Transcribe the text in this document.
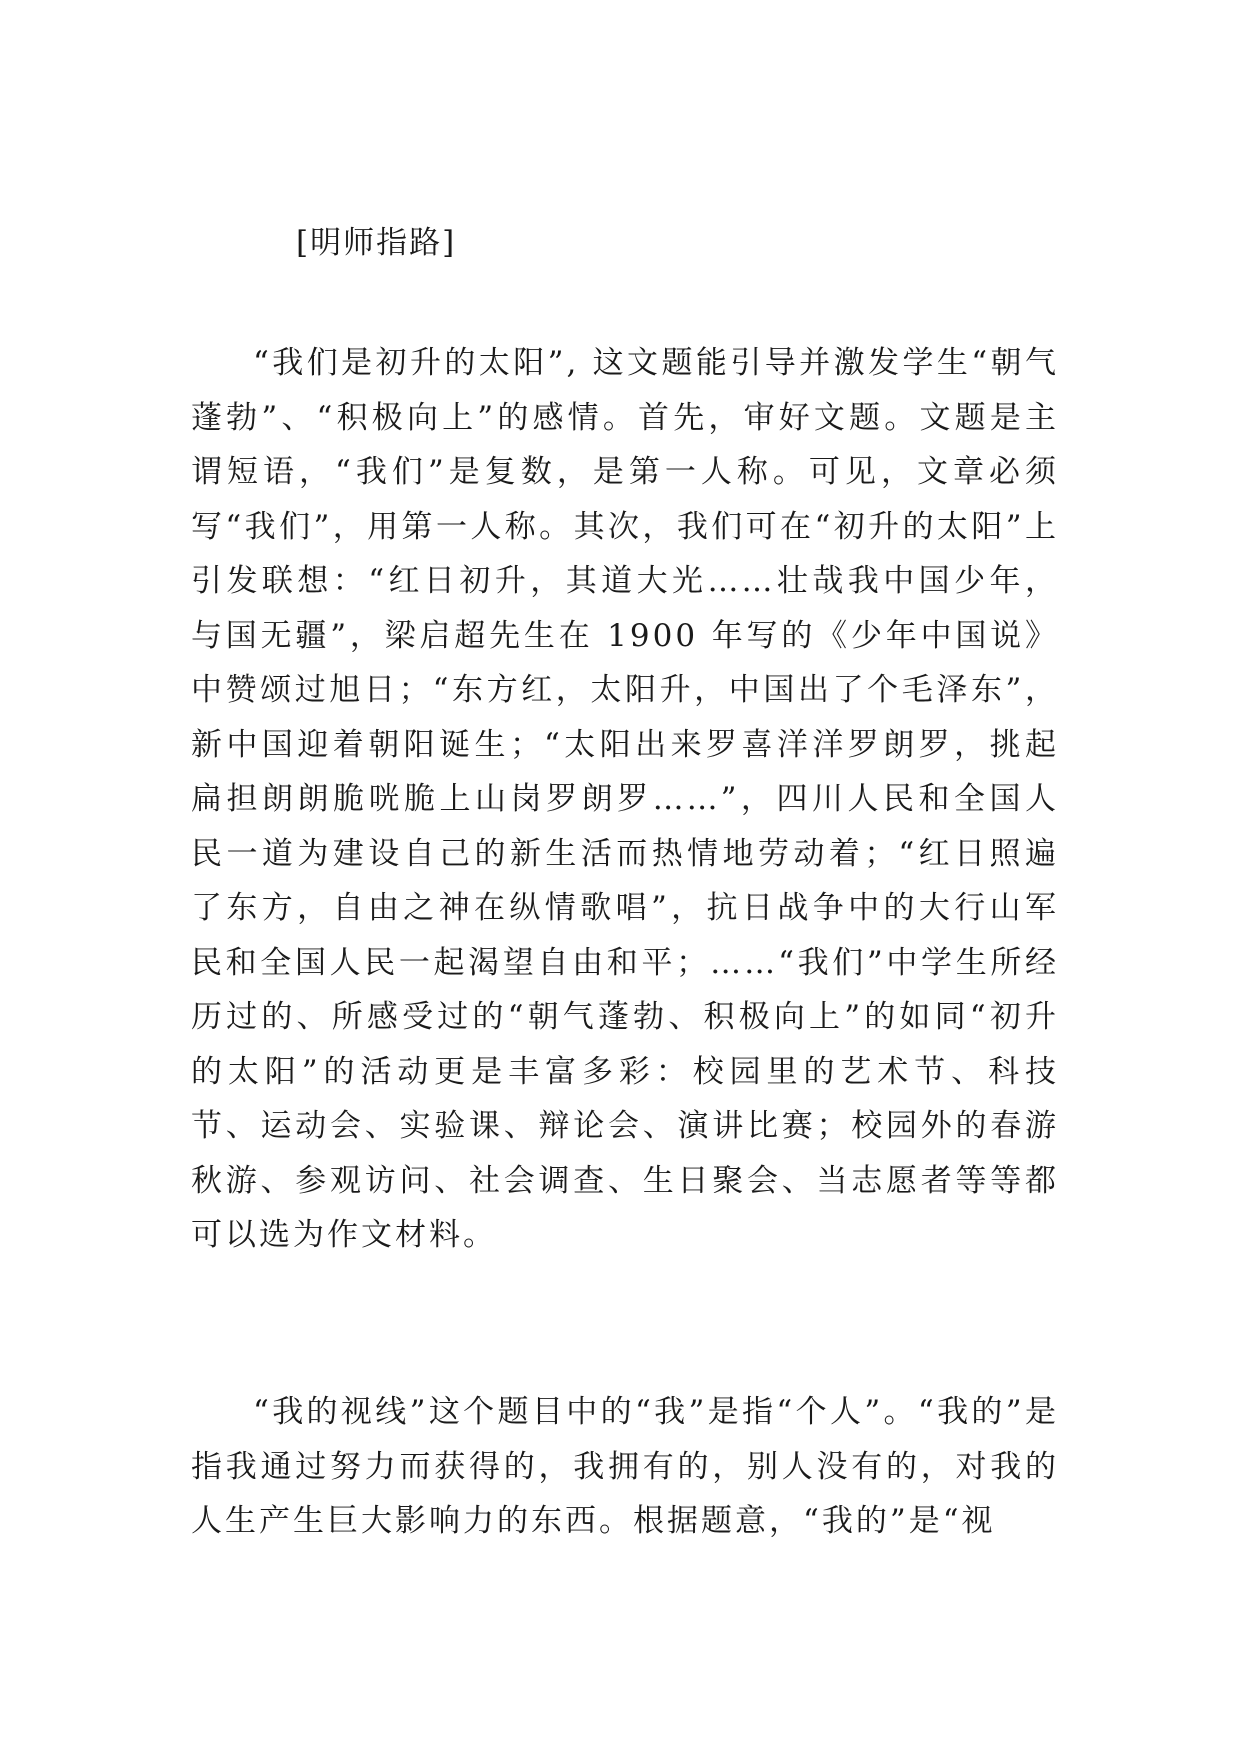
[明师指路]

“我们是初升的太阳”, 这文题能引导并激发学生“朝气蓬勃”、“积极向上”的感情。首先，审好文题。文题是主谓短语，“我们”是复数，是第一人称。可见，文章必须写“我们”，用第一人称。其次，我们可在“初升的太阳”上引发联想：“红日初升，其道大光……壮哉我中国少年，与国无疆”，梁启超先生在 1900 年写的《少年中国说》中赞颂过旭日；“东方红，太阳升，中国出了个毛泽东”，新中国迎着朝阳诞生；“太阳出来罗喜洋洋罗朗罗，挑起扁担朗朗脆咣脆上山岗罗朗罗……”，四川人民和全国人民一道为建设自己的新生活而热情地劳动着；“红日照遍了东方，自由之神在纵情歌唱”，抗日战争中的大行山军民和全国人民一起渴望自由和平；……“我们”中学生所经历过的、所感受过的“朝气蓬勃、积极向上”的如同“初升的太阳”的活动更是丰富多彩：校园里的艺术节、科技节、运动会、实验课、辩论会、演讲比赛；校园外的春游秋游、参观访问、社会调查、生日聚会、当志愿者等等都可以选为作文材料。

“我的视线”这个题目中的“我”是指“个人”。“我的”是指我通过努力而获得的，我拥有的，别人没有的，对我的人生产生巨大影响力的东西。根据题意，“我的”是“视
